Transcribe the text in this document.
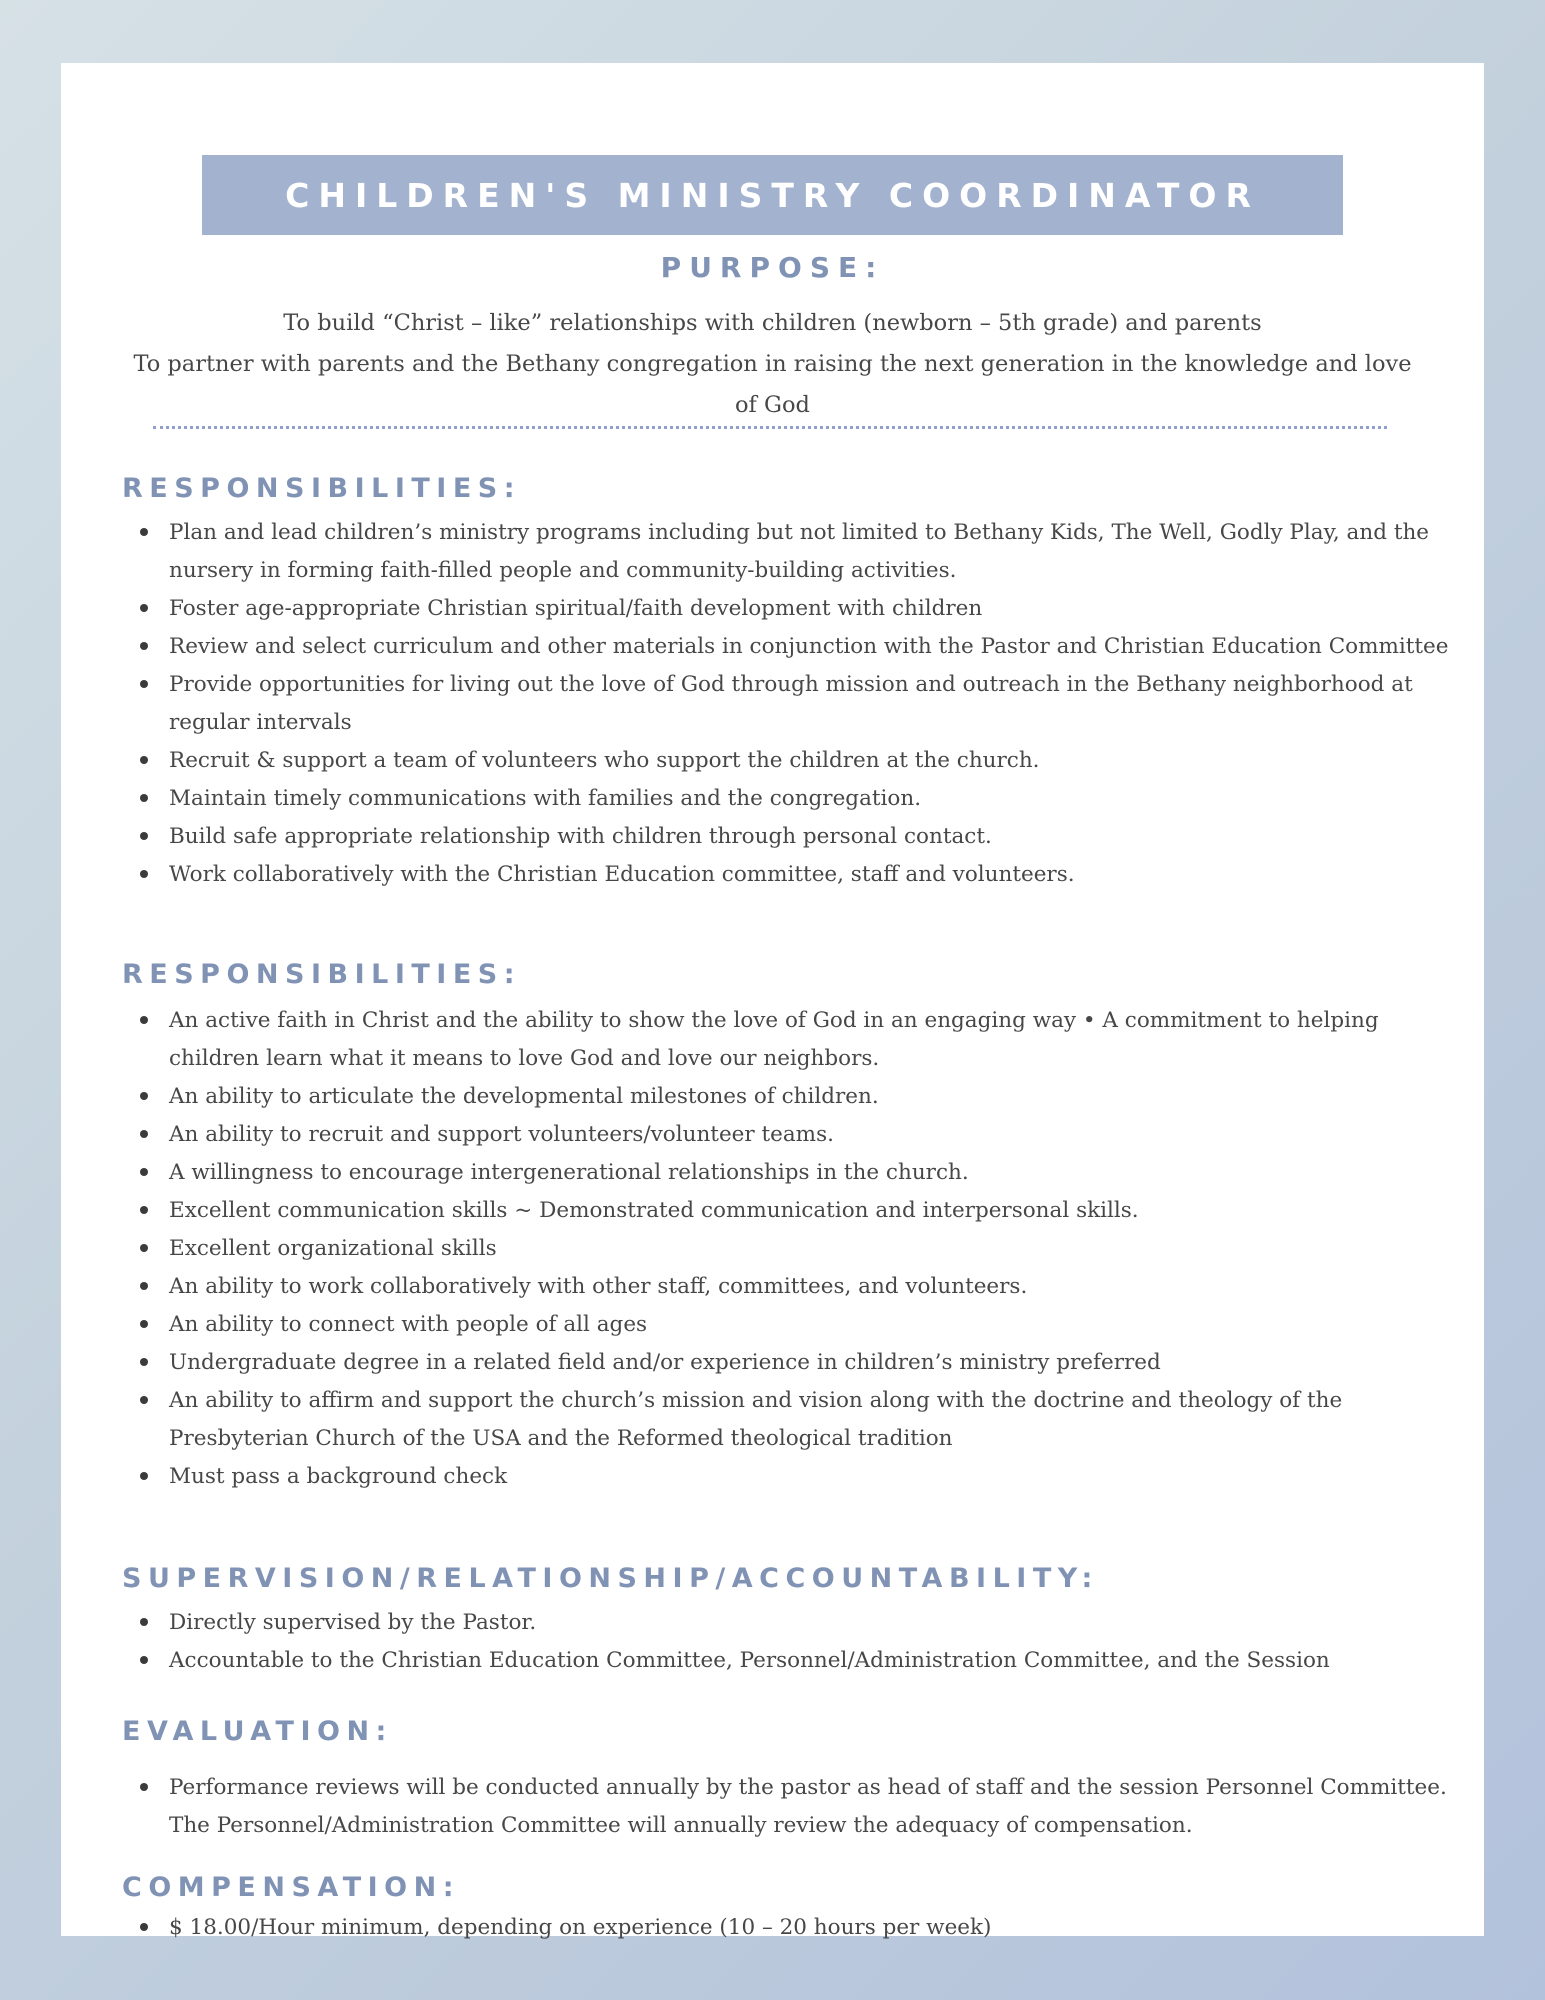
CHILDREN'S MINISTRY COORDINATOR
PURPOSE:
To build “Christ – like” relationships with children (newborn – 5th grade) and parents
To partner with parents and the Bethany congregation in raising the next generation in the knowledge and love of God
RESPONSIBILITIES:
Plan and lead children’s ministry programs including but not limited to Bethany Kids, The Well, Godly Play, and the nursery in forming faith-filled people and community-building activities.
Foster age-appropriate Christian spiritual/faith development with children
Review and select curriculum and other materials in conjunction with the Pastor and Christian Education Committee
Provide opportunities for living out the love of God through mission and outreach in the Bethany neighborhood at regular intervals
Recruit & support a team of volunteers who support the children at the church.
Maintain timely communications with families and the congregation.
Build safe appropriate relationship with children through personal contact.
Work collaboratively with the Christian Education committee, staff and volunteers.
RESPONSIBILITIES:
An active faith in Christ and the ability to show the love of God in an engaging way • A commitment to helping children learn what it means to love God and love our neighbors.
An ability to articulate the developmental milestones of children.
An ability to recruit and support volunteers/volunteer teams.
A willingness to encourage intergenerational relationships in the church.
Excellent communication skills ~ Demonstrated communication and interpersonal skills.
Excellent organizational skills
An ability to work collaboratively with other staff, committees, and volunteers.
An ability to connect with people of all ages
Undergraduate degree in a related field and/or experience in children’s ministry preferred
An ability to affirm and support the church’s mission and vision along with the doctrine and theology of the Presbyterian Church of the USA and the Reformed theological tradition
Must pass a background check
SUPERVISION/RELATIONSHIP/ACCOUNTABILITY:
Directly supervised by the Pastor.
Accountable to the Christian Education Committee, Personnel/Administration Committee, and the Session
EVALUATION:
Performance reviews will be conducted annually by the pastor as head of staff and the session Personnel Committee. The Personnel/Administration Committee will annually review the adequacy of compensation.
COMPENSATION:
$ 18.00/Hour minimum, depending on experience (10 – 20 hours per week)
